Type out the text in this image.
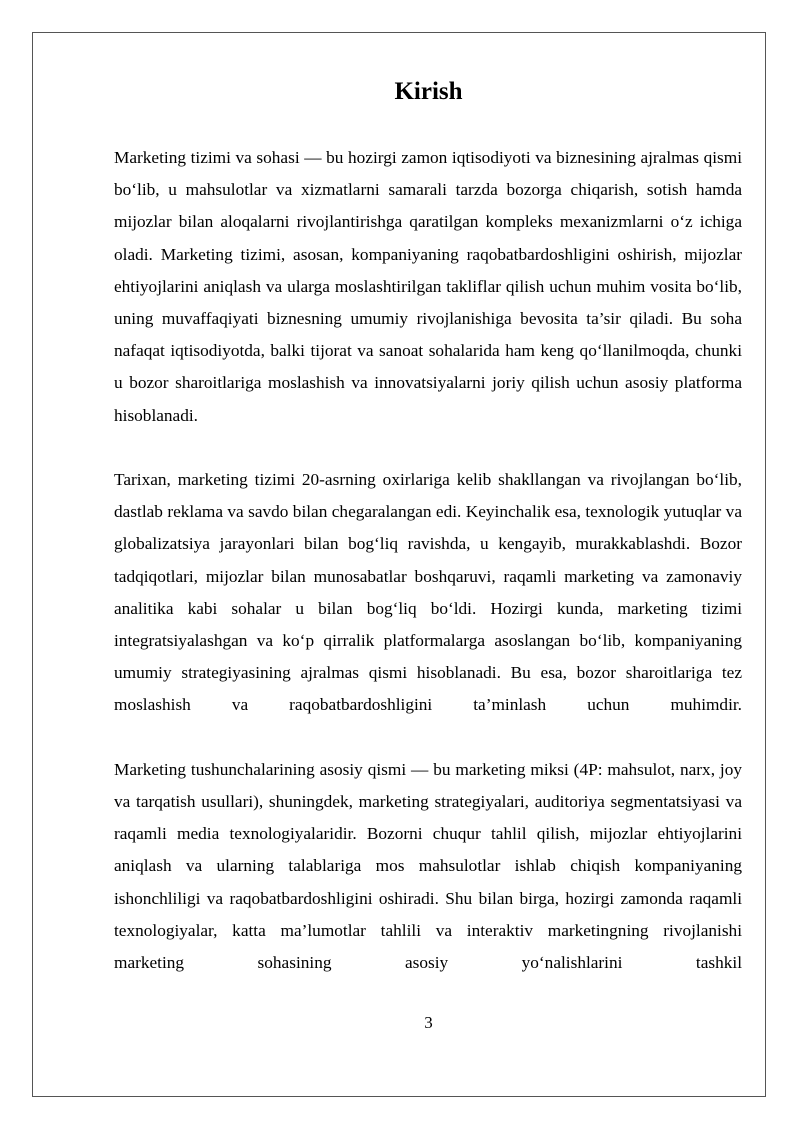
Kirish

Marketing tizimi va sohasi — bu hozirgi zamon iqtisodiyoti va biznesining ajralmas qismi bo‘lib, u mahsulotlar va xizmatlarni samarali tarzda bozorga chiqarish, sotish hamda mijozlar bilan aloqalarni rivojlantirishga qaratilgan kompleks mexanizmlarni o‘z ichiga oladi. Marketing tizimi, asosan, kompaniyaning raqobatbardoshligini oshirish, mijozlar ehtiyojlarini aniqlash va ularga moslashtirilgan takliflar qilish uchun muhim vosita bo‘lib, uning muvaffaqiyati biznesning umumiy rivojlanishiga bevosita ta’sir qiladi. Bu soha nafaqat iqtisodiyotda, balki tijorat va sanoat sohalarida ham keng qo‘llanilmoqda, chunki u bozor sharoitlariga moslashish va innovatsiyalarni joriy qilish uchun asosiy platforma hisoblanadi.

Tarixan, marketing tizimi 20-asrning oxirlariga kelib shakllangan va rivojlangan bo‘lib, dastlab reklama va savdo bilan chegaralangan edi. Keyinchalik esa, texnologik yutuqlar va globalizatsiya jarayonlari bilan bog‘liq ravishda, u kengayib, murakkablashdi. Bozor tadqiqotlari, mijozlar bilan munosabatlar boshqaruvi, raqamli marketing va zamonaviy analitika kabi sohalar u bilan bog‘liq bo‘ldi. Hozirgi kunda, marketing tizimi integratsiyalashgan va ko‘p qirralik platformalarga asoslangan bo‘lib, kompaniyaning umumiy strategiyasining ajralmas qismi hisoblanadi. Bu esa, bozor sharoitlariga tez moslashish va raqobatbardoshligini ta’minlash uchun muhimdir.

Marketing tushunchalarining asosiy qismi — bu marketing miksi (4P: mahsulot, narx, joy va tarqatish usullari), shuningdek, marketing strategiyalari, auditoriya segmentatsiyasi va raqamli media texnologiyalaridir. Bozorni chuqur tahlil qilish, mijozlar ehtiyojlarini aniqlash va ularning talablariga mos mahsulotlar ishlab chiqish kompaniyaning ishonchliligi va raqobatbardoshligini oshiradi. Shu bilan birga, hozirgi zamonda raqamli texnologiyalar, katta ma’lumotlar tahlili va interaktiv marketingning rivojlanishi marketing sohasining asosiy yo‘nalishlarini tashkil

3
